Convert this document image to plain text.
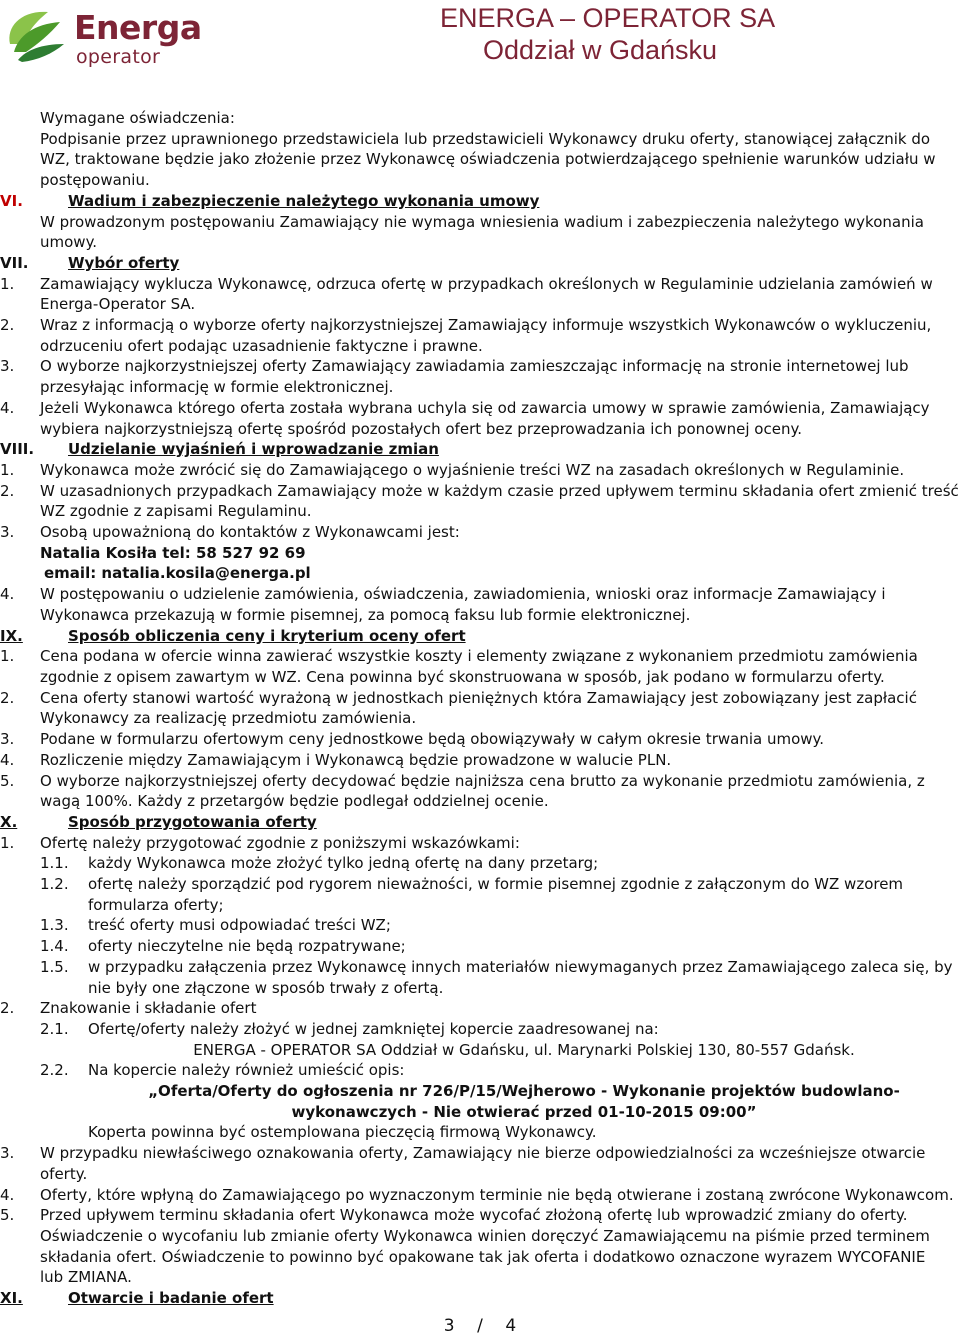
Energa
operator
ENERGA – OPERATOR SA
Oddział w Gdańsku
Wymagane oświadczenia:
Podpisanie przez uprawnionego przedstawiciela lub przedstawicieli Wykonawcy druku oferty, stanowiącej załącznik do
WZ, traktowane będzie jako złożenie przez Wykonawcę oświadczenia potwierdzającego spełnienie warunków udziału w
postępowaniu.
VI.	Wadium i zabezpieczenie należytego wykonania umowy
W prowadzonym postępowaniu Zamawiający nie wymaga wniesienia wadium i zabezpieczenia należytego wykonania
umowy.
VII.	Wybór oferty
1. Zamawiający wyklucza Wykonawcę, odrzuca ofertę w przypadkach określonych w Regulaminie udzielania zamówień w
Energa-Operator SA.
2. Wraz z informacją o wyborze oferty najkorzystniejszej Zamawiający informuje wszystkich Wykonawców o wykluczeniu,
odrzuceniu ofert podając uzasadnienie faktyczne i prawne.
3. O wyborze najkorzystniejszej oferty Zamawiający zawiadamia zamieszczając informację na stronie internetowej lub
przesyłając informację w formie elektronicznej.
4. Jeżeli Wykonawca którego oferta została wybrana uchyla się od zawarcia umowy w sprawie zamówienia, Zamawiający
wybiera najkorzystniejszą ofertę spośród pozostałych ofert bez przeprowadzania ich ponownej oceny.
VIII.	Udzielanie wyjaśnień i wprowadzanie zmian
1. Wykonawca może zwrócić się do Zamawiającego o wyjaśnienie treści WZ na zasadach określonych w Regulaminie.
2. W uzasadnionych przypadkach Zamawiający może w każdym czasie przed upływem terminu składania ofert zmienić treść
WZ zgodnie z zapisami Regulaminu.
3. Osobą upoważnioną do kontaktów z Wykonawcami jest:
Natalia Kosiła tel: 58 527 92 69
email: natalia.kosila@energa.pl
4. W postępowaniu o udzielenie zamówienia, oświadczenia, zawiadomienia, wnioski oraz informacje Zamawiający i
Wykonawca przekazują w formie pisemnej, za pomocą faksu lub formie elektronicznej.
IX.	Sposób obliczenia ceny i kryterium oceny ofert
1. Cena podana w ofercie winna zawierać wszystkie koszty i elementy związane z wykonaniem przedmiotu zamówienia
zgodnie z opisem zawartym w WZ. Cena powinna być skonstruowana w sposób, jak podano w formularzu oferty.
2. Cena oferty stanowi wartość wyrażoną w jednostkach pieniężnych która Zamawiający jest zobowiązany jest zapłacić
Wykonawcy za realizację przedmiotu zamówienia.
3. Podane w formularzu ofertowym ceny jednostkowe będą obowiązywały w całym okresie trwania umowy.
4. Rozliczenie między Zamawiającym i Wykonawcą będzie prowadzone w walucie PLN.
5. O wyborze najkorzystniejszej oferty decydować będzie najniższa cena brutto za wykonanie przedmiotu zamówienia, z
wagą 100%. Każdy z przetargów będzie podlegał oddzielnej ocenie.
X.	Sposób przygotowania oferty
1. Ofertę należy przygotować zgodnie z poniższymi wskazówkami:
1.1. każdy Wykonawca może złożyć tylko jedną ofertę na dany przetarg;
1.2. ofertę należy sporządzić pod rygorem nieważności, w formie pisemnej zgodnie z załączonym do WZ wzorem
formularza oferty;
1.3. treść oferty musi odpowiadać treści WZ;
1.4. oferty nieczytelne nie będą rozpatrywane;
1.5. w przypadku załączenia przez Wykonawcę innych materiałów niewymaganych przez Zamawiającego zaleca się, by
nie były one złączone w sposób trwały z ofertą.
2. Znakowanie i składanie ofert
2.1. Ofertę/oferty należy złożyć w jednej zamkniętej kopercie zaadresowanej na:
ENERGA - OPERATOR SA Oddział w Gdańsku, ul. Marynarki Polskiej 130, 80-557 Gdańsk.
2.2. Na kopercie należy również umieścić opis:
„Oferta/Oferty do ogłoszenia nr 726/P/15/Wejherowo - Wykonanie projektów budowlano-
wykonawczych - Nie otwierać przed 01-10-2015 09:00”
Koperta powinna być ostemplowana pieczęcią firmową Wykonawcy.
3. W przypadku niewłaściwego oznakowania oferty, Zamawiający nie bierze odpowiedzialności za wcześniejsze otwarcie
oferty.
4. Oferty, które wpłyną do Zamawiającego po wyznaczonym terminie nie będą otwierane i zostaną zwrócone Wykonawcom.
5. Przed upływem terminu składania ofert Wykonawca może wycofać złożoną ofertę lub wprowadzić zmiany do oferty.
Oświadczenie o wycofaniu lub zmianie oferty Wykonawca winien doręczyć Zamawiającemu na piśmie przed terminem
składania ofert. Oświadczenie to powinno być opakowane tak jak oferta i dodatkowo oznaczone wyrazem WYCOFANIE
lub ZMIANA.
XI.	Otwarcie i badanie ofert
3 / 4
